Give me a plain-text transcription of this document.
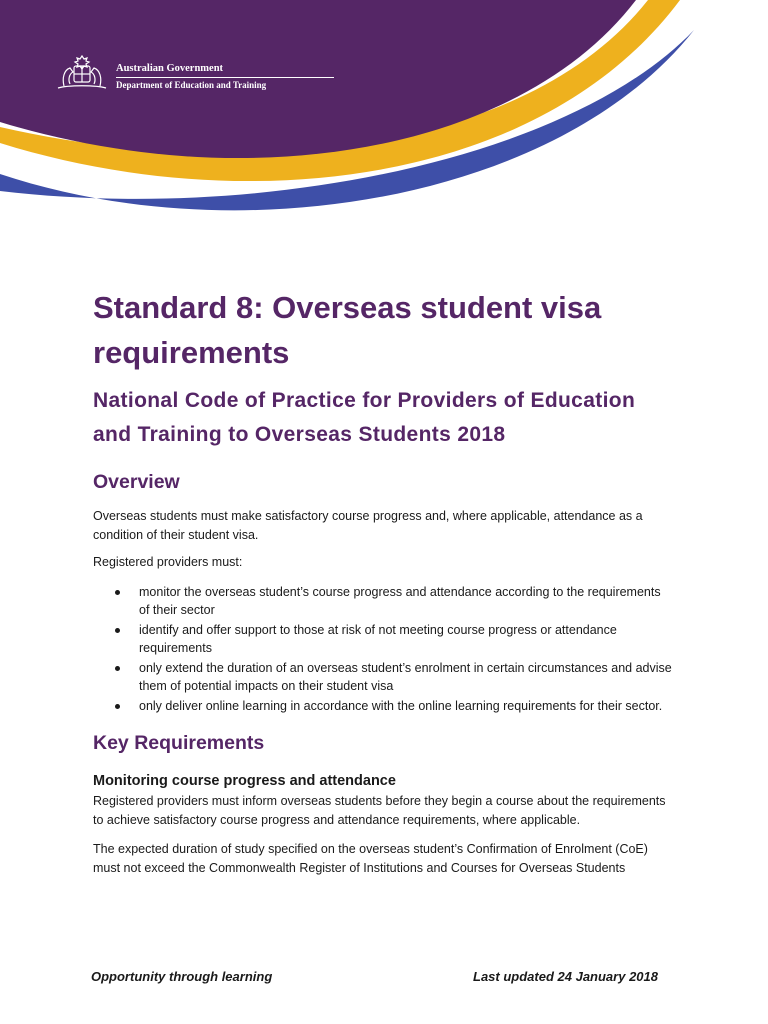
Australian Government
Department of Education and Training
Standard 8: Overseas student visa requirements
National Code of Practice for Providers of Education and Training to Overseas Students 2018
Overview

Overseas students must make satisfactory course progress and, where applicable, attendance as a condition of their student visa.

Registered providers must:

monitor the overseas student’s course progress and attendance according to the requirements of their sector
identify and offer support to those at risk of not meeting course progress or attendance requirements
only extend the duration of an overseas student’s enrolment in certain circumstances and advise them of potential impacts on their student visa
only deliver online learning in accordance with the online learning requirements for their sector.
Key Requirements
Monitoring course progress and attendance

Registered providers must inform overseas students before they begin a course about the requirements to achieve satisfactory course progress and attendance requirements, where applicable.

The expected duration of study specified on the overseas student’s Confirmation of Enrolment (CoE) must not exceed the Commonwealth Register of Institutions and Courses for Overseas Students

Opportunity through learning	Last updated 24 January 2018
